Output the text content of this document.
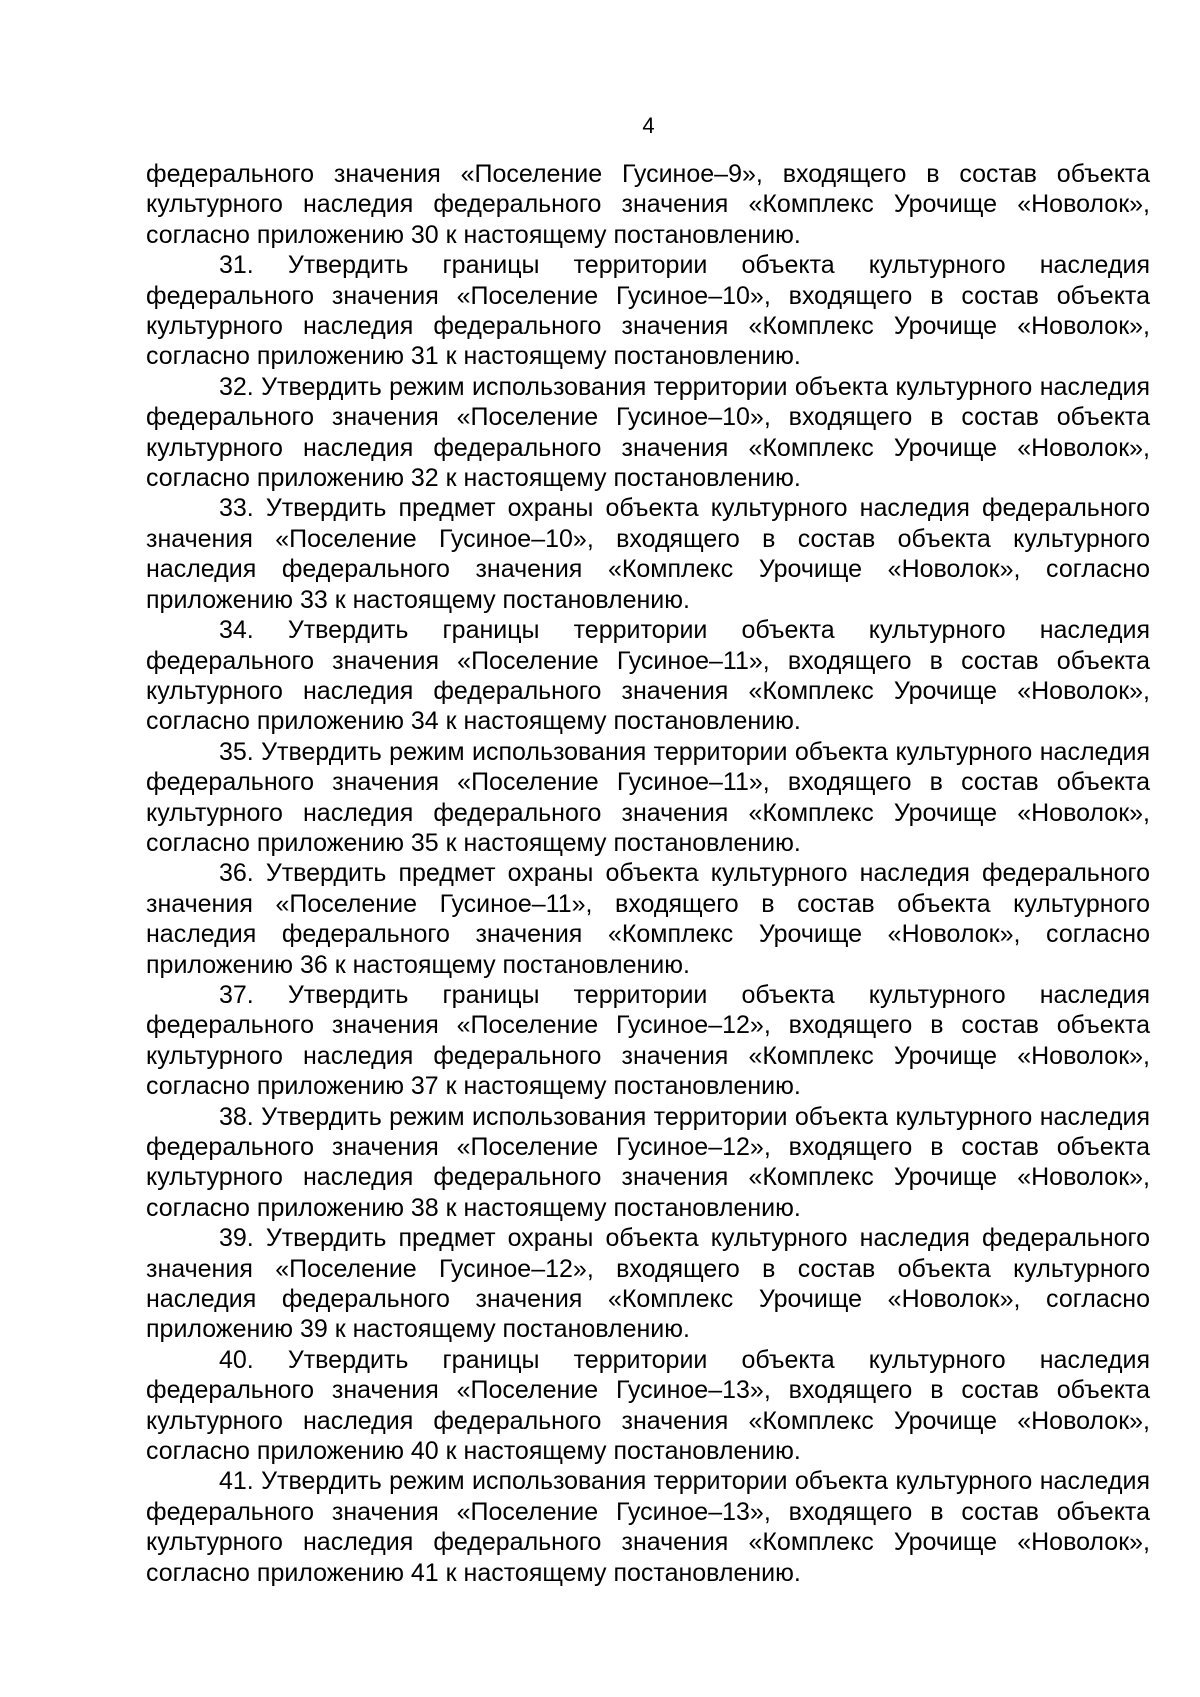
4

федерального значения «Поселение Гусиное–9», входящего в состав объекта культурного наследия федерального значения «Комплекс Урочище «Новолок», согласно приложению 30 к настоящему постановлению.

31. Утвердить границы территории объекта культурного наследия федерального значения «Поселение Гусиное–10», входящего в состав объекта культурного наследия федерального значения «Комплекс Урочище «Новолок», согласно приложению 31 к настоящему постановлению.

32. Утвердить режим использования территории объекта культурного наследия федерального значения «Поселение Гусиное–10», входящего в состав объекта культурного наследия федерального значения «Комплекс Урочище «Новолок», согласно приложению 32 к настоящему постановлению.

33. Утвердить предмет охраны объекта культурного наследия федерального значения «Поселение Гусиное–10», входящего в состав объекта культурного наследия федерального значения «Комплекс Урочище «Новолок», согласно приложению 33 к настоящему постановлению.

34. Утвердить границы территории объекта культурного наследия федерального значения «Поселение Гусиное–11», входящего в состав объекта культурного наследия федерального значения «Комплекс Урочище «Новолок», согласно приложению 34 к настоящему постановлению.

35. Утвердить режим использования территории объекта культурного наследия федерального значения «Поселение Гусиное–11», входящего в состав объекта культурного наследия федерального значения «Комплекс Урочище «Новолок», согласно приложению 35 к настоящему постановлению.

36. Утвердить предмет охраны объекта культурного наследия федерального значения «Поселение Гусиное–11», входящего в состав объекта культурного наследия федерального значения «Комплекс Урочище «Новолок», согласно приложению 36 к настоящему постановлению.

37. Утвердить границы территории объекта культурного наследия федерального значения «Поселение Гусиное–12», входящего в состав объекта культурного наследия федерального значения «Комплекс Урочище «Новолок», согласно приложению 37 к настоящему постановлению.

38. Утвердить режим использования территории объекта культурного наследия федерального значения «Поселение Гусиное–12», входящего в состав объекта культурного наследия федерального значения «Комплекс Урочище «Новолок», согласно приложению 38 к настоящему постановлению.

39. Утвердить предмет охраны объекта культурного наследия федерального значения «Поселение Гусиное–12», входящего в состав объекта культурного наследия федерального значения «Комплекс Урочище «Новолок», согласно приложению 39 к настоящему постановлению.

40. Утвердить границы территории объекта культурного наследия федерального значения «Поселение Гусиное–13», входящего в состав объекта культурного наследия федерального значения «Комплекс Урочище «Новолок», согласно приложению 40 к настоящему постановлению.

41. Утвердить режим использования территории объекта культурного наследия федерального значения «Поселение Гусиное–13», входящего в состав объекта культурного наследия федерального значения «Комплекс Урочище «Новолок», согласно приложению 41 к настоящему постановлению.
